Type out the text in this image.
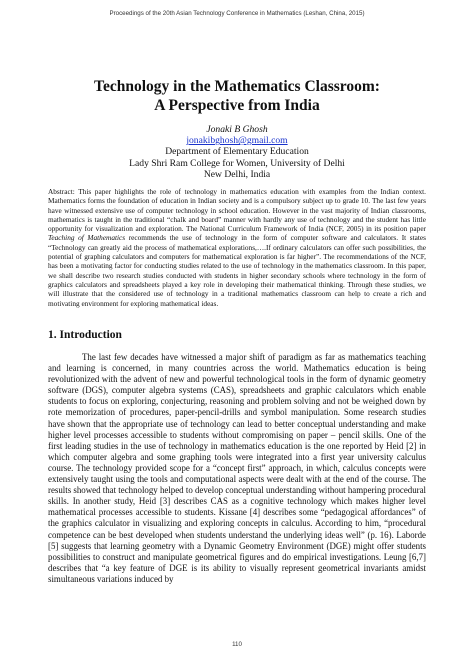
Proceedings of the 20th Asian Technology Conference in Mathematics (Leshan, China, 2015)
Technology in the Mathematics Classroom:
A Perspective from India
Jonaki B Ghosh
jonakibghosh@gmail.com
Department of Elementary Education
Lady Shri Ram College for Women, University of Delhi
New Delhi, India

Abstract: This paper highlights the role of technology in mathematics education with examples from the Indian context. Mathematics forms the foundation of education in Indian society and is a compulsory subject up to grade 10. The last few years have witnessed extensive use of computer technology in school education. However in the vast majority of Indian classrooms, mathematics is taught in the traditional “chalk and board” manner with hardly any use of technology and the student has little opportunity for visualization and exploration. The National Curriculum Framework of India (NCF, 2005) in its position paper Teaching of Mathematics recommends the use of technology in the form of computer software and calculators. It states “Technology can greatly aid the process of mathematical explorations,….If ordinary calculators can offer such possibilities, the potential of graphing calculators and computers for mathematical exploration is far higher”. The recommendations of the NCF, has been a motivating factor for conducting studies related to the use of technology in the mathematics classroom. In this paper, we shall describe two research studies conducted with students in higher secondary schools where technology in the form of graphics calculators and spreadsheets played a key role in developing their mathematical thinking. Through these studies, we will illustrate that the considered use of technology in a traditional mathematics classroom can help to create a rich and motivating environment for exploring mathematical ideas.

1. Introduction

The last few decades have witnessed a major shift of paradigm as far as mathematics teaching and learning is concerned, in many countries across the world. Mathematics education is being revolutionized with the advent of new and powerful technological tools in the form of dynamic geometry software (DGS), computer algebra systems (CAS), spreadsheets and graphic calculators which enable students to focus on exploring, conjecturing, reasoning and problem solving and not be weighed down by rote memorization of procedures, paper-pencil-drills and symbol manipulation. Some research studies have shown that the appropriate use of technology can lead to better conceptual understanding and make higher level processes accessible to students without compromising on paper – pencil skills. One of the first leading studies in the use of technology in mathematics education is the one reported by Heid [2] in which computer algebra and some graphing tools were integrated into a first year university calculus course. The technology provided scope for a “concept first” approach, in which, calculus concepts were extensively taught using the tools and computational aspects were dealt with at the end of the course. The results showed that technology helped to develop conceptual understanding without hampering procedural skills. In another study, Heid [3] describes CAS as a cognitive technology which makes higher level mathematical processes accessible to students. Kissane [4] describes some “pedagogical affordances” of the graphics calculator in visualizing and exploring concepts in calculus. According to him, “procedural competence can be best developed when students understand the underlying ideas well” (p. 16). Laborde [5] suggests that learning geometry with a Dynamic Geometry Environment (DGE) might offer students possibilities to construct and manipulate geometrical figures and do empirical investigations. Leung [6,7] describes that “a key feature of DGE is its ability to visually represent geometrical invariants amidst simultaneous variations induced by

110
